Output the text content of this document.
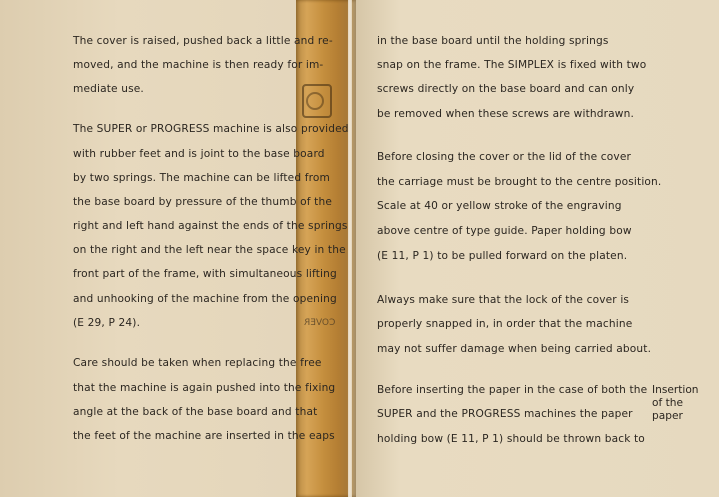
COVER
The cover is raised, pushed back a little and re-
moved, and the machine is then ready for im-
mediate use.
The SUPER or PROGRESS machine is also provided
with rubber feet and is joint to the base board
by two springs. The machine can be lifted from
the base board by pressure of the thumb of the
right and left hand against the ends of the springs
on the right and the left near the space key in the
front part of the frame, with simultaneous lifting
and unhooking of the machine from the opening
(E 29, P 24).
Care should be taken when replacing the free
that the machine is again pushed into the fixing
angle at the back of the base board and that
the feet of the machine are inserted in the eaps
in the base board until the holding springs
snap on the frame. The SIMPLEX is fixed with two
screws directly on the base board and can only
be removed when these screws are withdrawn.
Before closing the cover or the lid of the cover
the carriage must be brought to the centre position.
Scale at 40 or yellow stroke of the engraving
above centre of type guide. Paper holding bow
(E 11, P 1) to be pulled forward on the platen.
Always make sure that the lock of the cover is
properly snapped in, in order that the machine
may not suffer damage when being carried about.
Before inserting the paper in the case of both the
SUPER and the PROGRESS machines the paper
holding bow (E 11, P 1) should be thrown back to
Insertion
of the
paper
